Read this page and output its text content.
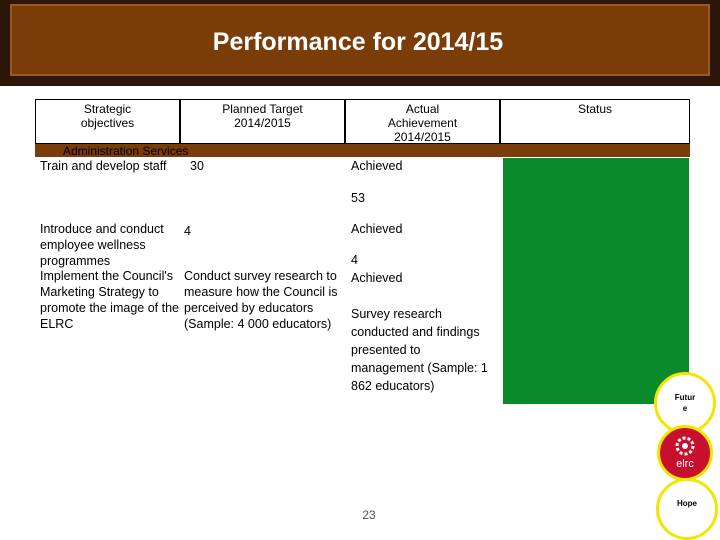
Performance for 2014/15
Strategic objectives
Planned Target 2014/2015
Actual Achievement 2014/2015
Status
Administration Services
Train and develop staff 30	Achieved
53
Introduce and conduct employee wellness programmes
4	Achieved
4
Implement the Council's Marketing Strategy to promote the image of the ELRC
Conduct survey research to measure how the Council is perceived by educators (Sample: 4 000 educators)
Achieved
Survey research conducted and findings presented to management (Sample: 1 862 educators)
Futur e
elrc
Hope
23
